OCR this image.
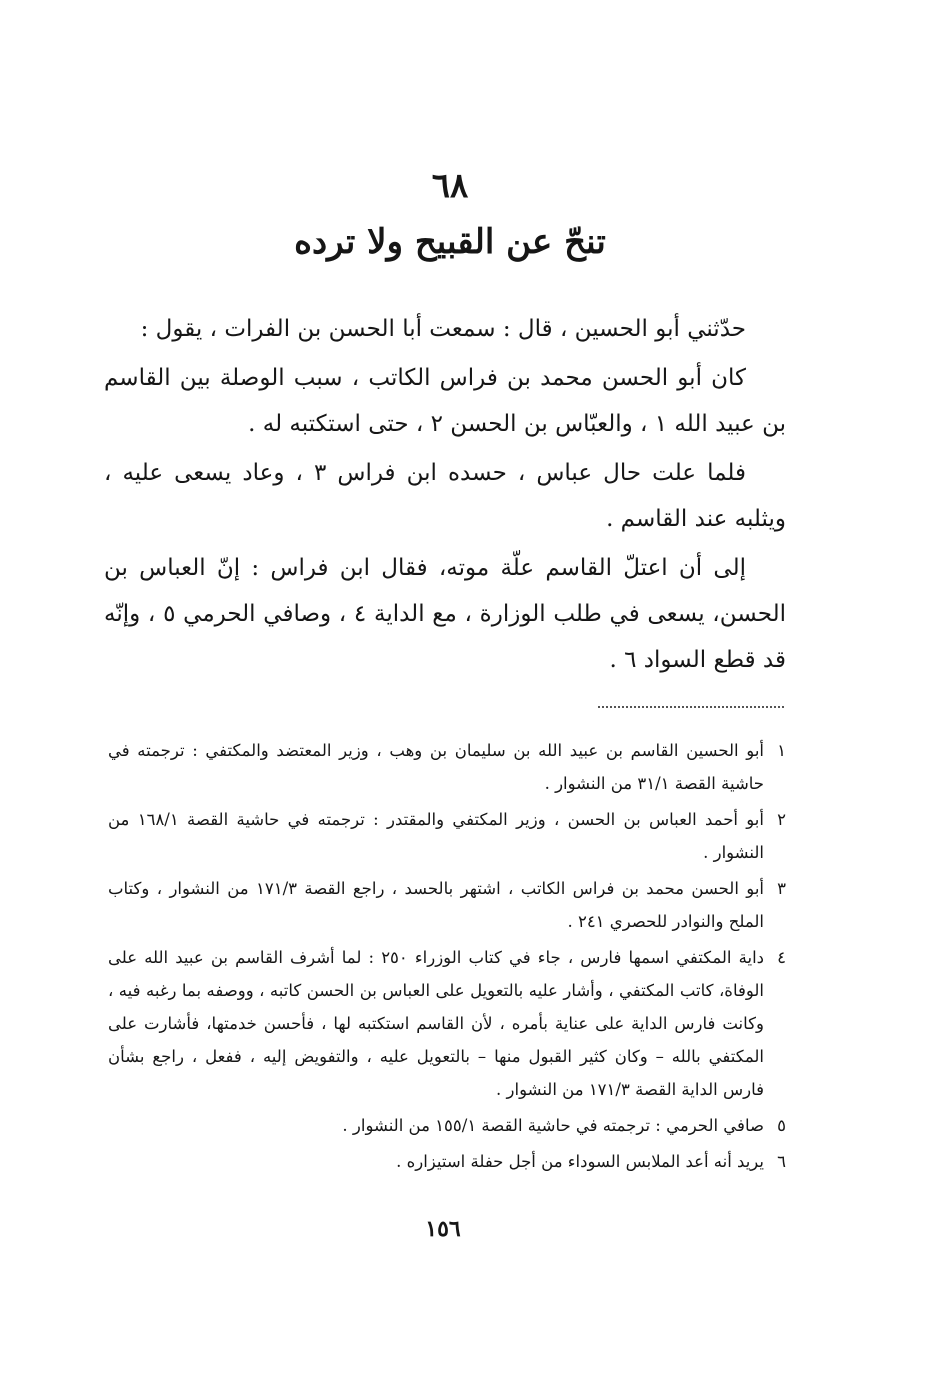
٦٨
تنحّ عن القبيح ولا ترده

حدّثني أبو الحسين ، قال : سمعت أبا الحسن بن الفرات ، يقول :

كان أبو الحسن محمد بن فراس الكاتب ، سبب الوصلة بين القاسم بن عبيد الله ١ ، والعبّاس بن الحسن ٢ ، حتى استكتبه له .

فلما علت حال عباس ، حسده ابن فراس ٣ ، وعاد يسعى عليه ، ويثلبه عند القاسم .

إلى أن اعتلّ القاسم علّة موته، فقال ابن فراس : إنّ العباس بن الحسن، يسعى في طلب الوزارة ، مع الداية ٤ ، وصافي الحرمي ٥ ، وإنّه قد قطع السواد ٦ .

١
أبو الحسين القاسم بن عبيد الله بن سليمان بن وهب ، وزير المعتضد والمكتفي : ترجمته في حاشية القصة ٣١/١ من النشوار .
٢
أبو أحمد العباس بن الحسن ، وزير المكتفي والمقتدر : ترجمته في حاشية القصة ١٦٨/١ من النشوار .
٣
أبو الحسن محمد بن فراس الكاتب ، اشتهر بالحسد ، راجع القصة ١٧١/٣ من النشوار ، وكتاب الملح والنوادر للحصري ٢٤١ .
٤
داية المكتفي اسمها فارس ، جاء في كتاب الوزراء ٢٥٠ : لما أشرف القاسم بن عبيد الله على الوفاة، كاتب المكتفي ، وأشار عليه بالتعويل على العباس بن الحسن كاتبه ، ووصفه بما رغبه فيه ، وكانت فارس الداية على عناية بأمره ، لأن القاسم استكتبه لها ، فأحسن خدمتها، فأشارت على المكتفي بالله – وكان كثير القبول منها – بالتعويل عليه ، والتفويض إليه ، ففعل ، راجع بشأن فارس الداية القصة ١٧١/٣ من النشوار .
٥
صافي الحرمي : ترجمته في حاشية القصة ١٥٥/١ من النشوار .
٦
يريد أنه أعد الملابس السوداء من أجل حفلة استيزاره .
١٥٦
